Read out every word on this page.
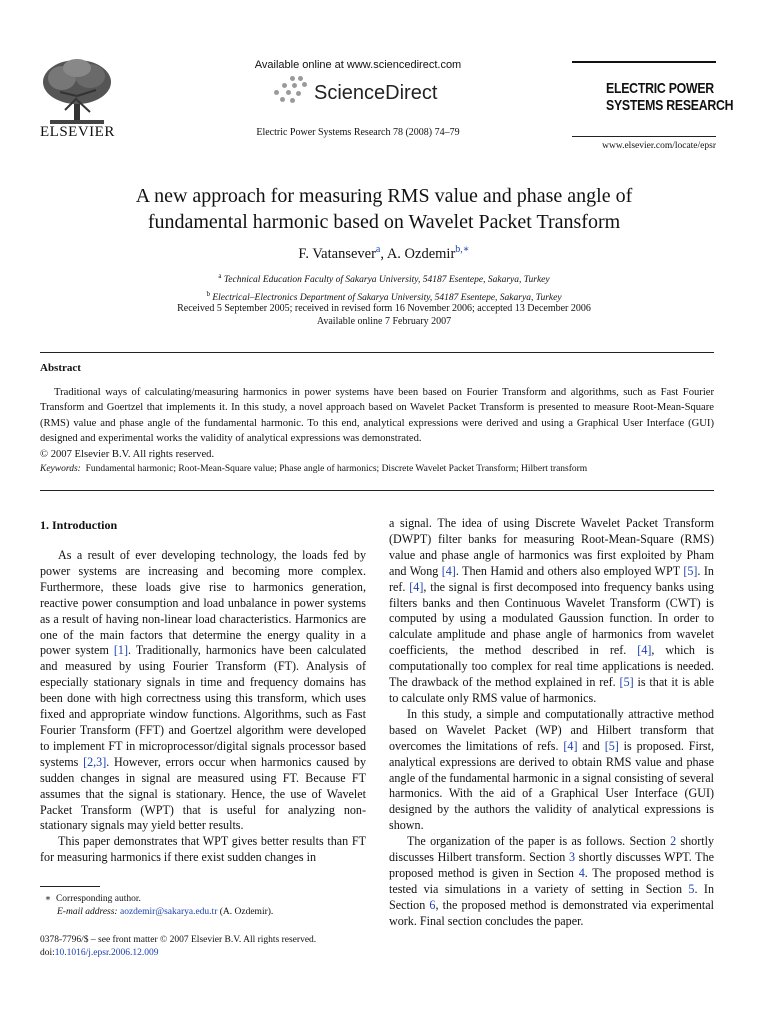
ELSEVIER
Available online at www.sciencedirect.com
ScienceDirect
Electric Power Systems Research 78 (2008) 74–79
ELECTRIC POWER
SYSTEMS RESEARCH
www.elsevier.com/locate/epsr
A new approach for measuring RMS value and phase angle of
fundamental harmonic based on Wavelet Packet Transform
F. Vatansever$^a$, A. Ozdemir$^{b,∗}$
$^a$ Technical Education Faculty of Sakarya University, 54187 Esentepe, Sakarya, Turkey
$^b$ Electrical–Electronics Department of Sakarya University, 54187 Esentepe, Sakarya, Turkey
Received 5 September 2005; received in revised form 16 November 2006; accepted 13 December 2006
Available online 7 February 2007
Abstract

Traditional ways of calculating/measuring harmonics in power systems have been based on Fourier Transform and algorithms, such as Fast Fourier Transform and Goertzel that implements it. In this study, a novel approach based on Wavelet Packet Transform is presented to measure Root-Mean-Square (RMS) value and phase angle of the fundamental harmonic. To this end, analytical expressions were derived and using a Graphical User Interface (GUI) designed and experimental works the validity of analytical expressions was demonstrated.

© 2007 Elsevier B.V. All rights reserved.

Keywords: Fundamental harmonic; Root-Mean-Square value; Phase angle of harmonics; Discrete Wavelet Packet Transform; Hilbert transform
1. Introduction

As a result of ever developing technology, the loads fed by power systems are increasing and becoming more complex. Furthermore, these loads give rise to harmonics generation, reactive power consumption and load unbalance in power systems as a result of having non-linear load characteristics. Harmonics are one of the main factors that determine the energy quality in a power system [1]. Traditionally, harmonics have been calculated and measured by using Fourier Transform (FT). Analysis of especially stationary signals in time and frequency domains has been done with high correctness using this transform, which uses fixed and appropriate window functions. Algorithms, such as Fast Fourier Transform (FFT) and Goertzel algorithm were developed to implement FT in microprocessor/digital signals processor based systems [2,3]. However, errors occur when harmonics caused by sudden changes in signal are measured using FT. Because FT assumes that the signal is stationary. Hence, the use of Wavelet Packet Transform (WPT) that is useful for analyzing non-stationary signals may yield better results.

This paper demonstrates that WPT gives better results than FT for measuring harmonics if there exist sudden changes in

∗ Corresponding author.
E-mail address: aozdemir@sakarya.edu.tr (A. Ozdemir).
0378-7796/$ – see front matter © 2007 Elsevier B.V. All rights reserved.
doi:10.1016/j.epsr.2006.12.009

a signal. The idea of using Discrete Wavelet Packet Transform (DWPT) filter banks for measuring Root-Mean-Square (RMS) value and phase angle of harmonics was first exploited by Pham and Wong [4]. Then Hamid and others also employed WPT [5]. In ref. [4], the signal is first decomposed into frequency banks using filters banks and then Continuous Wavelet Transform (CWT) is computed by using a modulated Gaussion function. In order to calculate amplitude and phase angle of harmonics from wavelet coefficients, the method described in ref. [4], which is computationally too complex for real time applications is needed. The drawback of the method explained in ref. [5] is that it is able to calculate only RMS value of harmonics.

In this study, a simple and computationally attractive method based on Wavelet Packet (WP) and Hilbert transform that overcomes the limitations of refs. [4] and [5] is proposed. First, analytical expressions are derived to obtain RMS value and phase angle of the fundamental harmonic in a signal consisting of several harmonics. With the aid of a Graphical User Interface (GUI) designed by the authors the validity of analytical expressions is shown.

The organization of the paper is as follows. Section 2 shortly discusses Hilbert transform. Section 3 shortly discusses WPT. The proposed method is given in Section 4. The proposed method is tested via simulations in a variety of setting in Section 5. In Section 6, the proposed method is demonstrated via experimental work. Final section concludes the paper.
